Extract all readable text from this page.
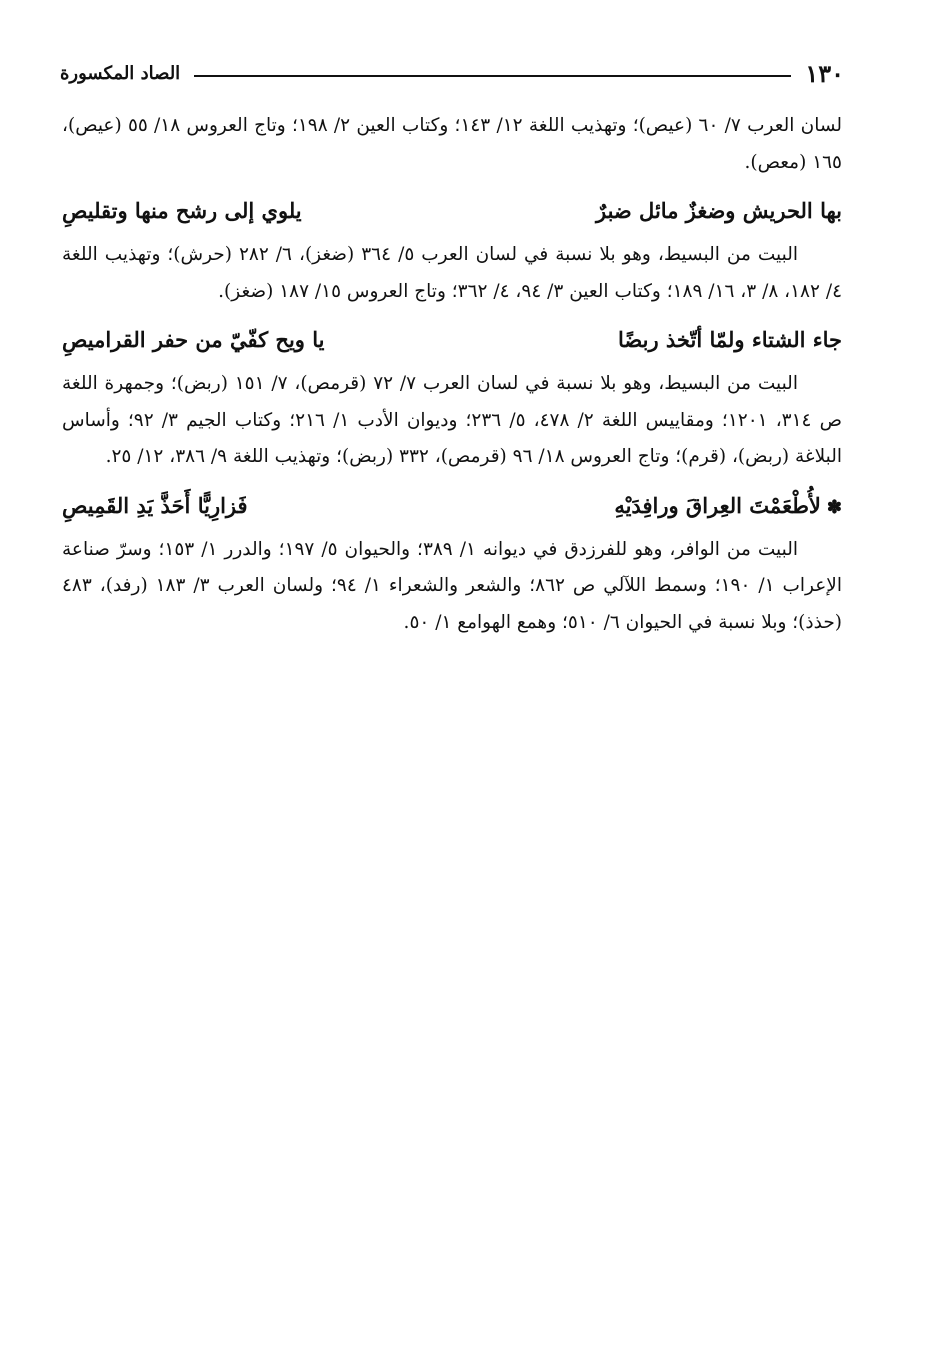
١٣٠
الصاد المكسورة

لسان العرب ٧/ ٦٠ (عيص)؛ وتهذيب اللغة ١٢/ ١٤٣؛ وكتاب العين ٢/ ١٩٨؛ وتاج العروس ١٨/ ٥٥ (عيص)، ١٦٥ (معص).

بها الحريش وضغزٌ مائل ضبرٌ
يلوي إلى رشح منها وتقليصِ

البيت من البسيط، وهو بلا نسبة في لسان العرب ٥/ ٣٦٤ (ضغز)، ٦/ ٢٨٢ (حرش)؛ وتهذيب اللغة ٤/ ١٨٢، ٨/ ٣، ١٦/ ١٨٩؛ وكتاب العين ٣/ ٩٤، ٤/ ٣٦٢؛ وتاج العروس ١٥/ ١٨٧ (ضغز).

جاء الشتاء ولمّا أتّخذ ربضًا
يا ويح كفّيّ من حفر القراميصِ

البيت من البسيط، وهو بلا نسبة في لسان العرب ٧/ ٧٢ (قرمص)، ٧/ ١٥١ (ربض)؛ وجمهرة اللغة ص ٣١٤، ١٢٠١؛ ومقاييس اللغة ٢/ ٤٧٨، ٥/ ٢٣٦؛ وديوان الأدب ١/ ٢١٦؛ وكتاب الجيم ٣/ ٩٢؛ وأساس البلاغة (ربض)، (قرم)؛ وتاج العروس ١٨/ ٩٦ (قرمص)، ٣٣٢ (ربض)؛ وتهذيب اللغة ٩/ ٣٨٦، ١٢/ ٢٥.

✽ لأُطْعَمْتَ العِراقَ ورافِدَيْهِ
فَزارِيًّا أَحَذَّ يَدِ القَمِيصِ

البيت من الوافر، وهو للفرزدق في ديوانه ١/ ٣٨٩؛ والحيوان ٥/ ١٩٧؛ والدرر ١/ ١٥٣؛ وسرّ صناعة الإعراب ١/ ١٩٠؛ وسمط اللآلي ص ٨٦٢؛ والشعر والشعراء ١/ ٩٤؛ ولسان العرب ٣/ ١٨٣ (رفد)، ٤٨٣ (حذذ)؛ وبلا نسبة في الحيوان ٦/ ٥١٠؛ وهمع الهوامع ١/ ٥٠.
